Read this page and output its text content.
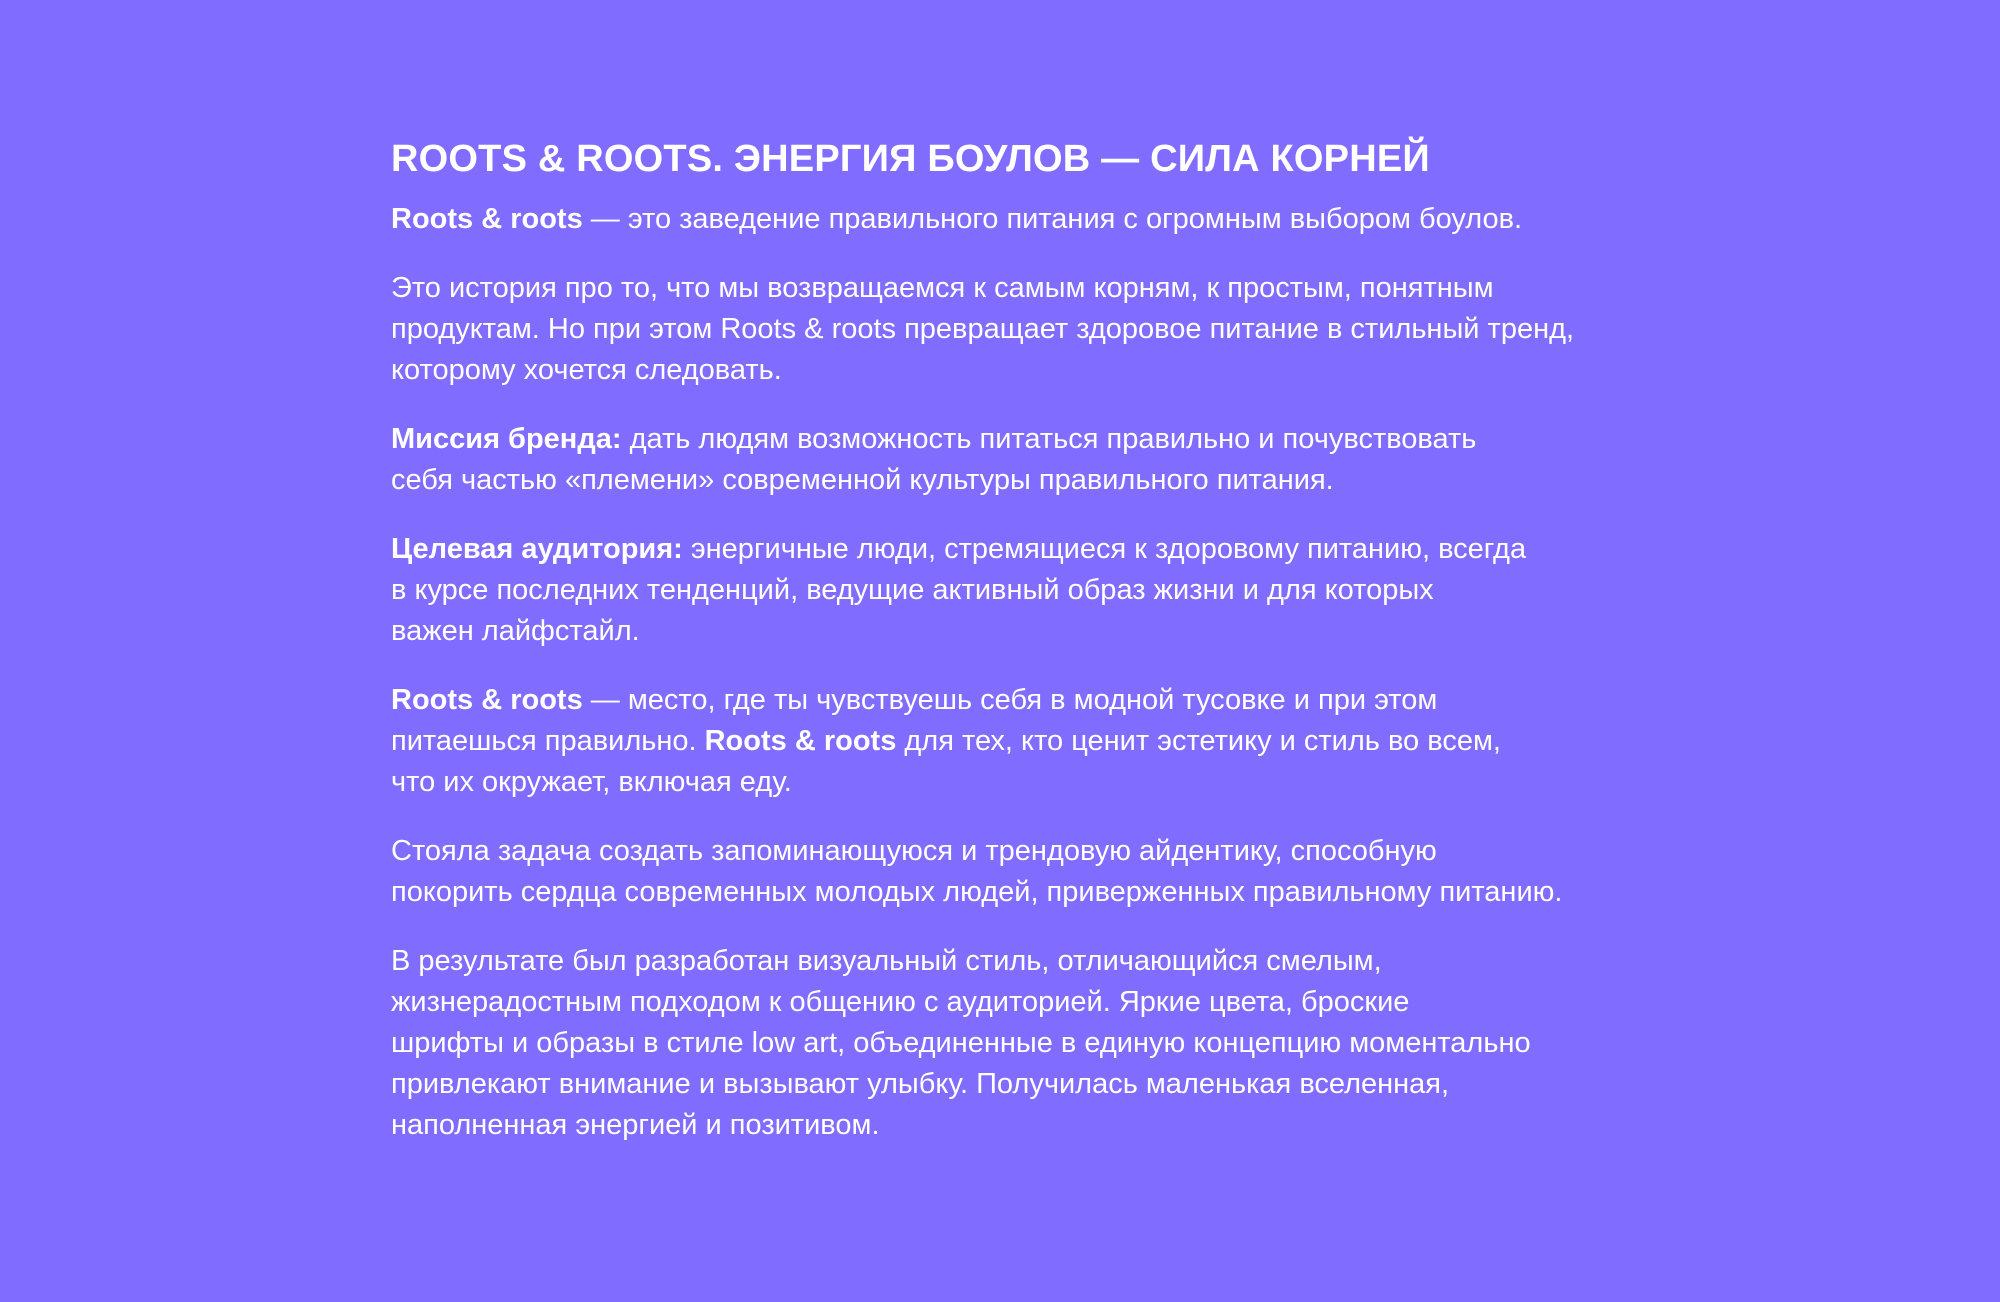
ROOTS & ROOTS. ЭНЕРГИЯ БОУЛОВ — СИЛА КОРНЕЙ

Roots & roots — это заведение правильного питания с огромным выбором боулов.

Это история про то, что мы возвращаемся к самым корням, к простым, понятным
продуктам. Но при этом Roots & roots превращает здоровое питание в стильный тренд,
которому хочется следовать.

Миссия бренда: дать людям возможность питаться правильно и почувствовать
себя частью «племени» современной культуры правильного питания.

Целевая аудитория: энергичные люди, стремящиеся к здоровому питанию, всегда
в курсе последних тенденций, ведущие активный образ жизни и для которых
важен лайфстайл.

Roots & roots — место, где ты чувствуешь себя в модной тусовке и при этом
питаешься правильно. Roots & roots для тех, кто ценит эстетику и стиль во всем,
что их окружает, включая еду.

Стояла задача создать запоминающуюся и трендовую айдентику, способную
покорить сердца современных молодых людей, приверженных правильному питанию.

В результате был разработан визуальный стиль, отличающийся смелым,
жизнерадостным подходом к общению с аудиторией. Яркие цвета, броские
шрифты и образы в стиле low art, объединенные в единую концепцию моментально
привлекают внимание и вызывают улыбку. Получилась маленькая вселенная,
наполненная энергией и позитивом.
